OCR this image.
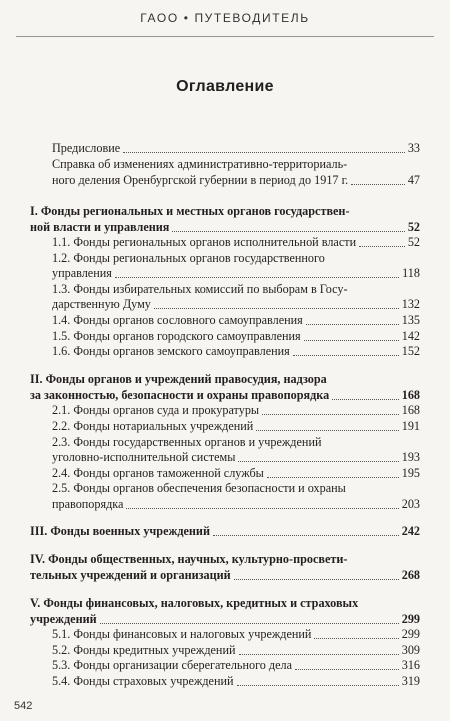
ГАОО • ПУТЕВОДИТЕЛЬ
Оглавление
Предисловие	33
Справка об изменениях административно-территориаль-
ного деления Оренбургской губернии в период до 1917 г.	47
I. Фонды региональных и местных органов государствен-
ной власти и управления	52
1.1. Фонды региональных органов исполнительной власти	52
1.2. Фонды региональных органов государственного
управления	118
1.3. Фонды избирательных комиссий по выборам в Госу-
дарственную Думу	132
1.4. Фонды органов сословного самоуправления	135
1.5. Фонды органов городского самоуправления	142
1.6. Фонды органов земского самоуправления	152
II. Фонды органов и учреждений правосудия, надзора
за законностью, безопасности и охраны правопорядка	168
2.1. Фонды органов суда и прокуратуры	168
2.2. Фонды нотариальных учреждений	191
2.3. Фонды государственных органов и учреждений
уголовно-исполнительной системы	193
2.4. Фонды органов таможенной службы	195
2.5. Фонды органов обеспечения безопасности и охраны
правопорядка	203
III. Фонды военных учреждений	242
IV. Фонды общественных, научных, культурно-просвети-
тельных учреждений и организаций	268
V. Фонды финансовых, налоговых, кредитных и страховых
учреждений	299
5.1. Фонды финансовых и налоговых учреждений	299
5.2. Фонды кредитных учреждений	309
5.3. Фонды организации сберегательного дела	316
5.4. Фонды страховых учреждений	319
542
